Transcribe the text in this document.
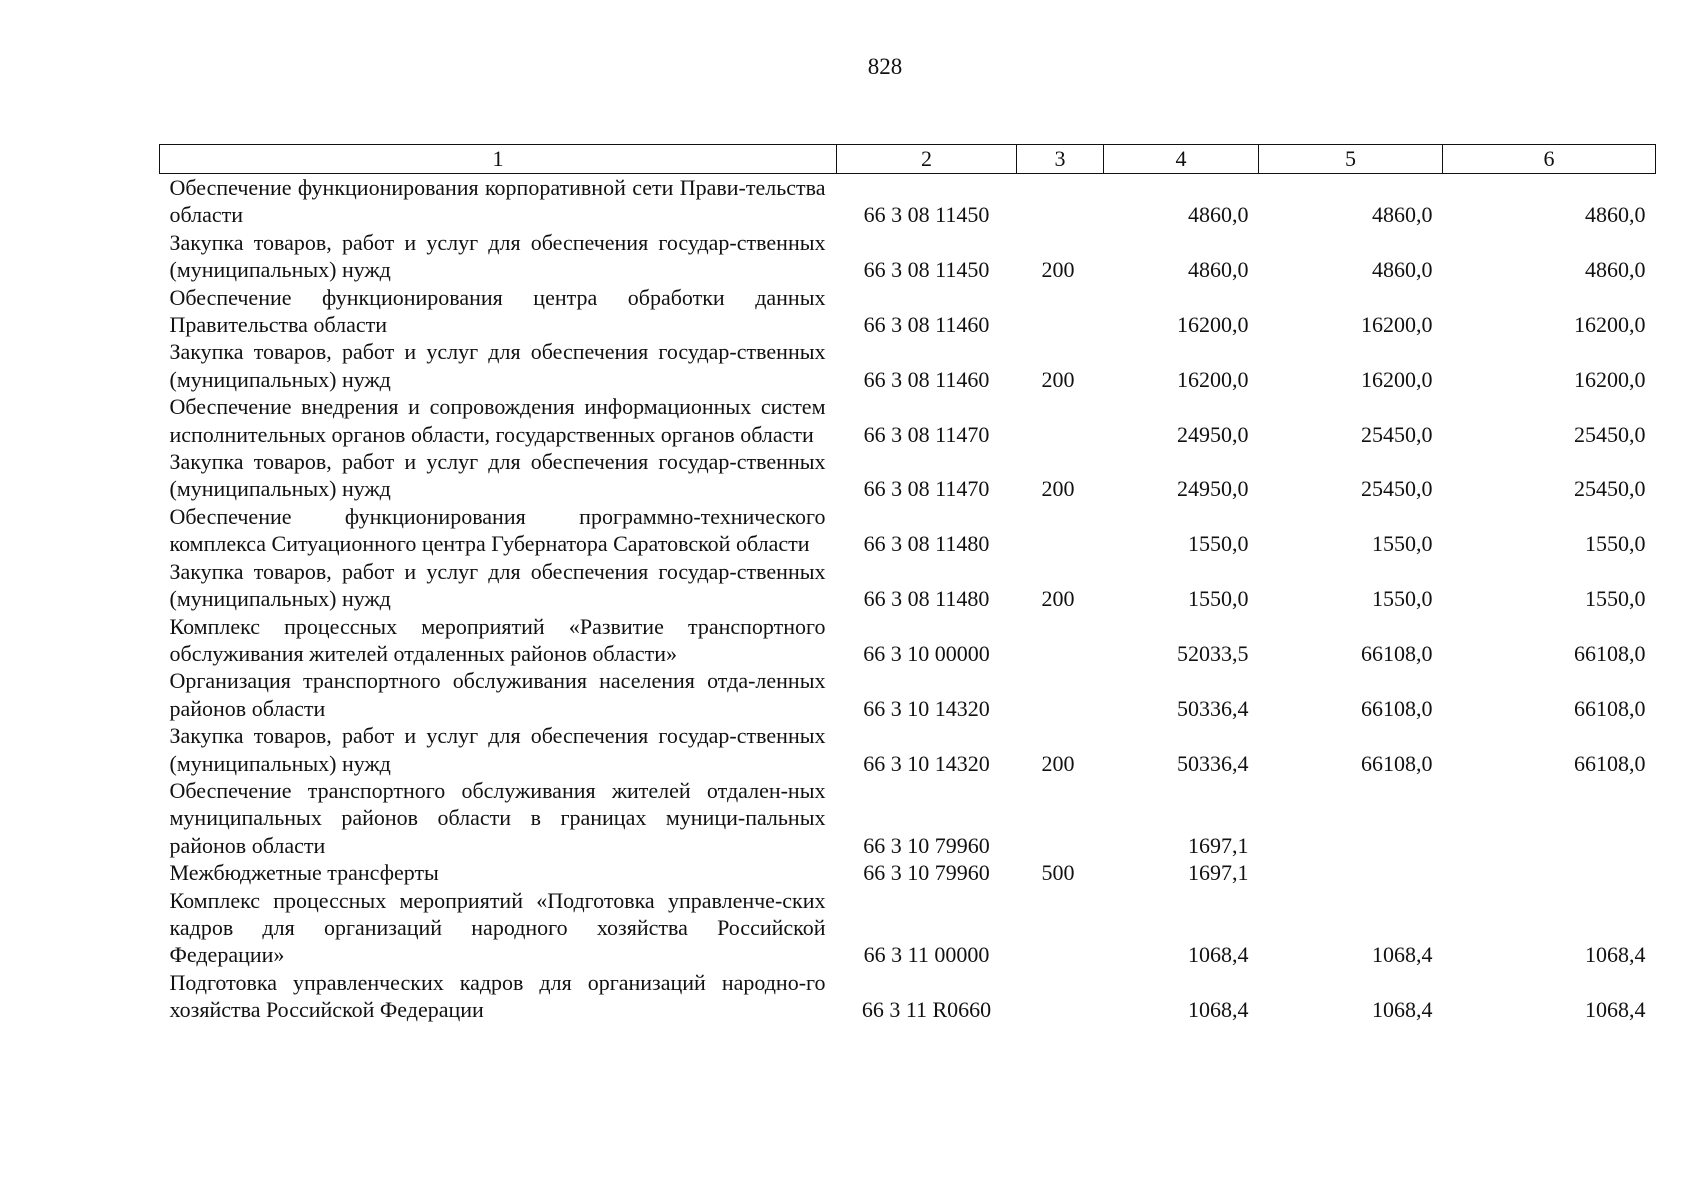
828
1	2	3	4	5	6
Обеспечение функционирования корпоративной сети Прави-тельства области	66 3 08 11450		4860,0	4860,0	4860,0
Закупка товаров, работ и услуг для обеспечения государ-ственных (муниципальных) нужд	66 3 08 11450	200	4860,0	4860,0	4860,0
Обеспечение функционирования центра обработки данных Правительства области	66 3 08 11460		16200,0	16200,0	16200,0
Закупка товаров, работ и услуг для обеспечения государ-ственных (муниципальных) нужд	66 3 08 11460	200	16200,0	16200,0	16200,0
Обеспечение внедрения и сопровождения информационных систем исполнительных органов области, государственных органов области	66 3 08 11470		24950,0	25450,0	25450,0
Закупка товаров, работ и услуг для обеспечения государ-ственных (муниципальных) нужд	66 3 08 11470	200	24950,0	25450,0	25450,0
Обеспечение функционирования программно-технического комплекса Ситуационного центра Губернатора Саратовской области	66 3 08 11480		1550,0	1550,0	1550,0
Закупка товаров, работ и услуг для обеспечения государ-ственных (муниципальных) нужд	66 3 08 11480	200	1550,0	1550,0	1550,0
Комплекс процессных мероприятий «Развитие транспортного обслуживания жителей отдаленных районов области»	66 3 10 00000		52033,5	66108,0	66108,0
Организация транспортного обслуживания населения отда-ленных районов области	66 3 10 14320		50336,4	66108,0	66108,0
Закупка товаров, работ и услуг для обеспечения государ-ственных (муниципальных) нужд	66 3 10 14320	200	50336,4	66108,0	66108,0
Обеспечение транспортного обслуживания жителей отдален-ных муниципальных районов области в границах муници-пальных районов области	66 3 10 79960		1697,1		
Межбюджетные трансферты	66 3 10 79960	500	1697,1		
Комплекс процессных мероприятий «Подготовка управленче-ских кадров для организаций народного хозяйства Российской Федерации»	66 3 11 00000		1068,4	1068,4	1068,4
Подготовка управленческих кадров для организаций народно-го хозяйства Российской Федерации	66 3 11 R0660		1068,4	1068,4	1068,4
